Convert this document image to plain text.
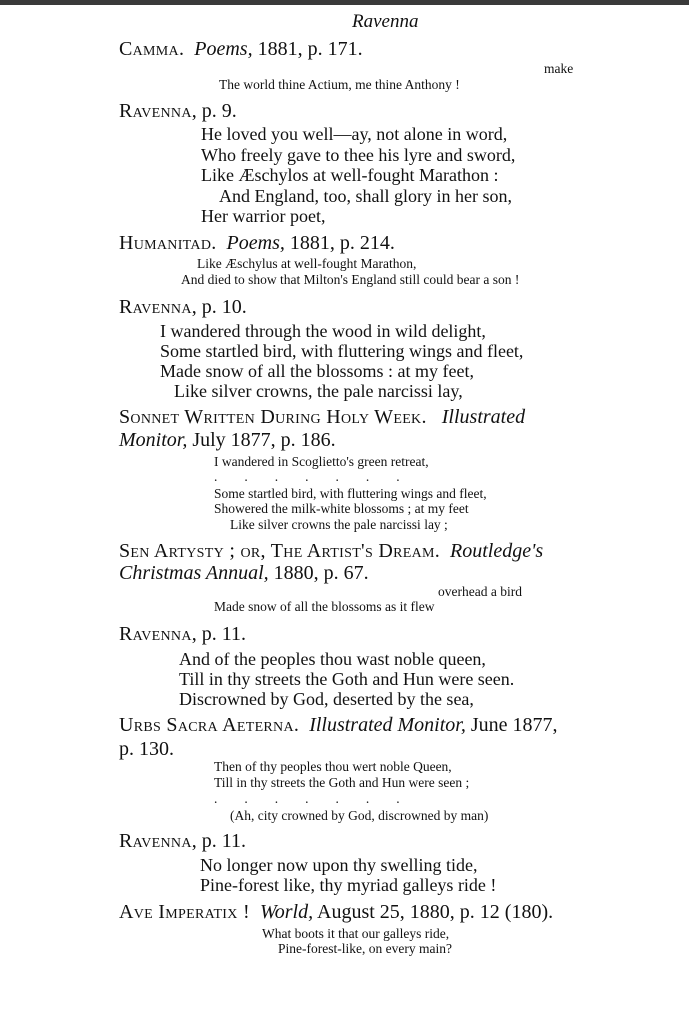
Ravenna
Camma. Poems, 1881, p. 171.
make
The world thine Actium, me thine Anthony !
Ravenna, p. 9.
He loved you well—ay, not alone in word,
Who freely gave to thee his lyre and sword,
Like Æschylos at well-fought Marathon :
And England, too, shall glory in her son,
Her warrior poet,
Humanitad. Poems, 1881, p. 214.
Like Æschylus at well-fought Marathon,
And died to show that Milton's England still could bear a son !
Ravenna, p. 10.
I wandered through the wood in wild delight,
Some startled bird, with fluttering wings and fleet,
Made snow of all the blossoms : at my feet,
Like silver crowns, the pale narcissi lay,
Sonnet Written During Holy Week. Illustrated
Monitor, July 1877, p. 186.
I wandered in Scoglietto's green retreat,
.        .        .        .        .        .        .
Some startled bird, with fluttering wings and fleet,
Showered the milk-white blossoms ; at my feet
Like silver crowns the pale narcissi lay ;
Sen Artysty ; or, The Artist's Dream. Routledge's
Christmas Annual, 1880, p. 67.
overhead a bird
Made snow of all the blossoms as it flew
Ravenna, p. 11.
And of the peoples thou wast noble queen,
Till in thy streets the Goth and Hun were seen.
Discrowned by God, deserted by the sea,
Urbs Sacra Aeterna. Illustrated Monitor, June 1877,
p. 130.
Then of thy peoples thou wert noble Queen,
Till in thy streets the Goth and Hun were seen ;
.        .        .        .        .        .        .
(Ah, city crowned by God, discrowned by man)
Ravenna, p. 11.
No longer now upon thy swelling tide,
Pine-forest like, thy myriad galleys ride !
Ave Imperatix ! World, August 25, 1880, p. 12 (180).
What boots it that our galleys ride,
Pine-forest-like, on every main?
